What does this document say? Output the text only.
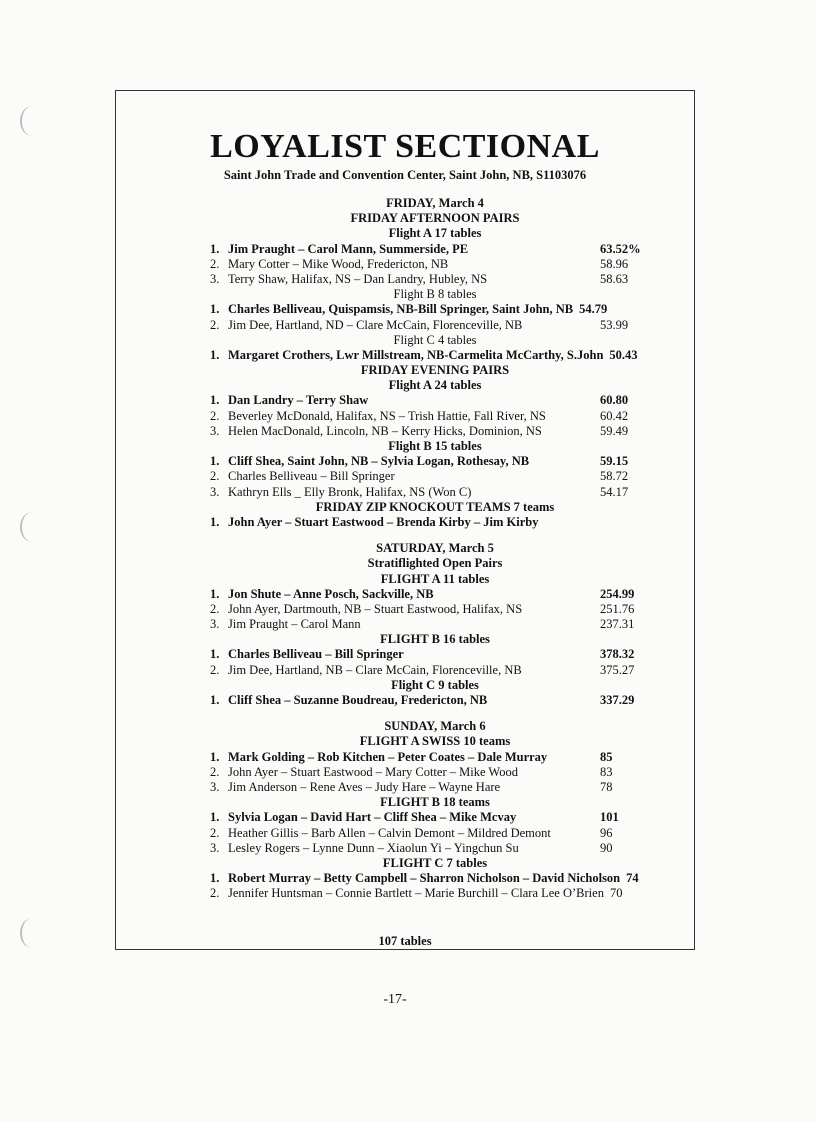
LOYALIST SECTIONAL
Saint John Trade and Convention Center, Saint John, NB, S1103076
FRIDAY, March 4
FRIDAY AFTERNOON PAIRS
Flight A 17 tables
1. Jim Praught – Carol Mann, Summerside, PE	63.52%
2. Mary Cotter – Mike Wood, Fredericton, NB	58.96
3. Terry Shaw, Halifax, NS – Dan Landry, Hubley, NS	58.63
Flight B 8 tables
1. Charles Belliveau, Quispamsis, NB-Bill Springer, Saint John, NB 54.79
2. Jim Dee, Hartland, ND – Clare McCain, Florenceville, NB	53.99
Flight C 4 tables
1. Margaret Crothers, Lwr Millstream, NB-Carmelita McCarthy, S.John 50.43
FRIDAY EVENING PAIRS
Flight A 24 tables
1. Dan Landry – Terry Shaw	60.80
2. Beverley McDonald, Halifax, NS – Trish Hattie, Fall River, NS	60.42
3. Helen MacDonald, Lincoln, NB – Kerry Hicks, Dominion, NS	59.49
Flight B 15 tables
1. Cliff Shea, Saint John, NB – Sylvia Logan, Rothesay, NB	59.15
2. Charles Belliveau – Bill Springer	58.72
3. Kathryn Ells _ Elly Bronk, Halifax, NS (Won C)	54.17
FRIDAY ZIP KNOCKOUT TEAMS 7 teams
1. John Ayer – Stuart Eastwood – Brenda Kirby – Jim Kirby
SATURDAY, March 5
Stratiflighted Open Pairs
FLIGHT A 11 tables
1. Jon Shute – Anne Posch, Sackville, NB	254.99
2. John Ayer, Dartmouth, NB – Stuart Eastwood, Halifax, NS	251.76
3. Jim Praught – Carol Mann	237.31
FLIGHT B 16 tables
1. Charles Belliveau – Bill Springer	378.32
2. Jim Dee, Hartland, NB – Clare McCain, Florenceville, NB	375.27
Flight C 9 tables
1. Cliff Shea – Suzanne Boudreau, Fredericton, NB	337.29
SUNDAY, March 6
FLIGHT A SWISS 10 teams
1. Mark Golding – Rob Kitchen – Peter Coates – Dale Murray	85
2. John Ayer – Stuart Eastwood – Mary Cotter – Mike Wood	83
3. Jim Anderson – Rene Aves – Judy Hare – Wayne Hare	78
FLIGHT B 18 teams
1. Sylvia Logan – David Hart – Cliff Shea – Mike Mcvay	101
2. Heather Gillis – Barb Allen – Calvin Demont – Mildred Demont	96
3. Lesley Rogers – Lynne Dunn – Xiaolun Yi – Yingchun Su	90
FLIGHT C 7 tables
1. Robert Murray – Betty Campbell – Sharron Nicholson – David Nicholson 74
2. Jennifer Huntsman – Connie Bartlett – Marie Burchill – Clara Lee O’Brien 70
107 tables
-17-
